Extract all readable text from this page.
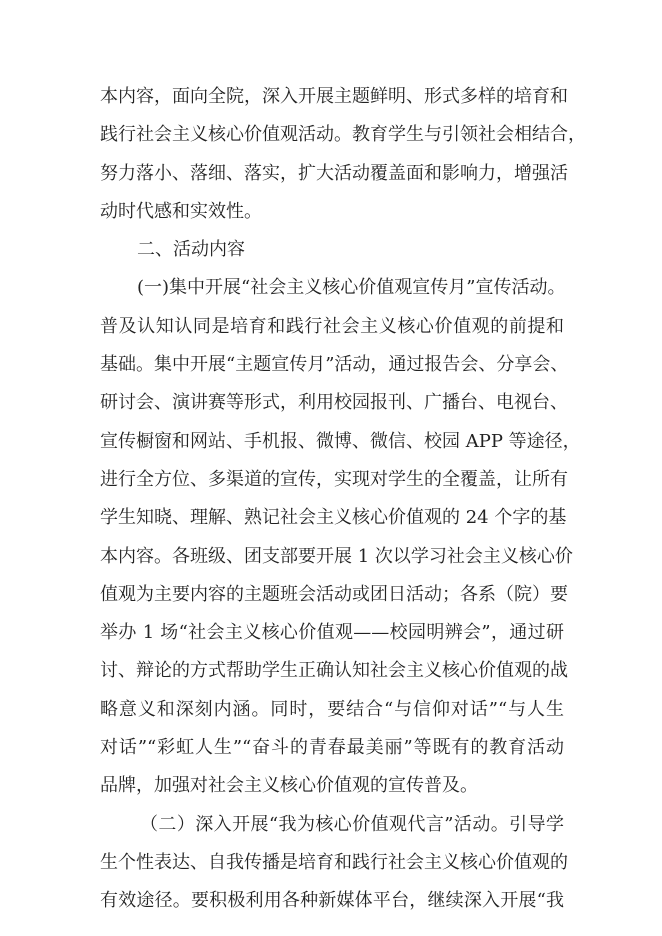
本内容，面向全院，深入开展主题鲜明、形式多样的培育和
践行社会主义核心价值观活动。教育学生与引领社会相结合，
努力落小、落细、落实，扩大活动覆盖面和影响力，增强活
动时代感和实效性。
二、活动内容
(一)集中开展“社会主义核心价值观宣传月”宣传活动。
普及认知认同是培育和践行社会主义核心价值观的前提和
基础。集中开展“主题宣传月”活动，通过报告会、分享会、
研讨会、演讲赛等形式，利用校园报刊、广播台、电视台、
宣传橱窗和网站、手机报、微博、微信、校园 APP 等途径，
进行全方位、多渠道的宣传，实现对学生的全覆盖，让所有
学生知晓、理解、熟记社会主义核心价值观的 24 个字的基
本内容。各班级、团支部要开展 1 次以学习社会主义核心价
值观为主要内容的主题班会活动或团日活动；各系（院）要
举办 1 场“社会主义核心价值观——校园明辨会”，通过研
讨、辩论的方式帮助学生正确认知社会主义核心价值观的战
略意义和深刻内涵。同时，要结合“与信仰对话”“与人生
对话”“彩虹人生”“奋斗的青春最美丽”等既有的教育活动
品牌，加强对社会主义核心价值观的宣传普及。
（二）深入开展“我为核心价值观代言”活动。引导学
生个性表达、自我传播是培育和践行社会主义核心价值观的
有效途径。要积极利用各种新媒体平台，继续深入开展“我
